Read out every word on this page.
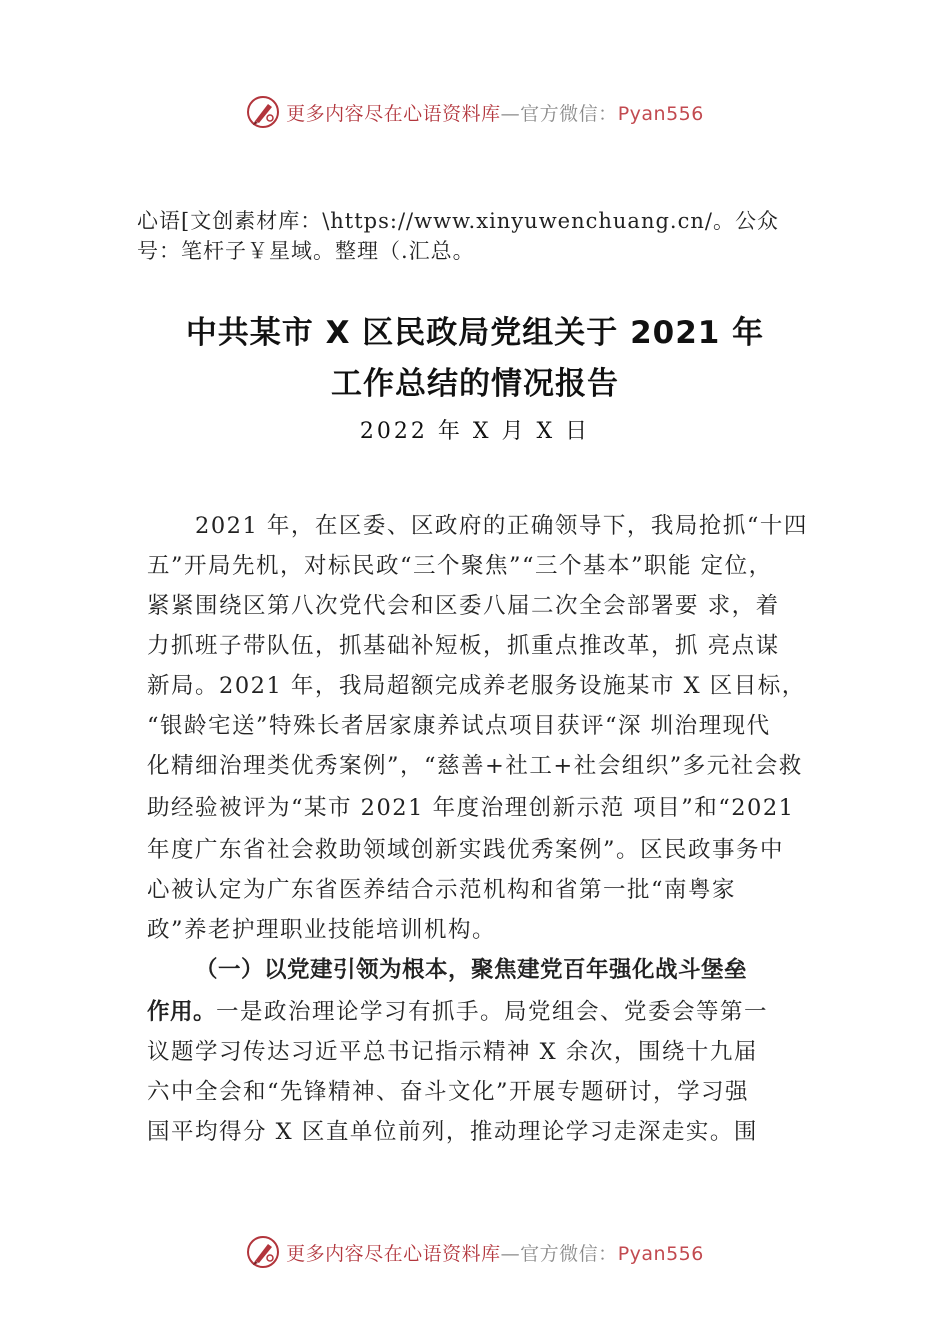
更多内容尽在心语资料库—官方微信：Pyan556
心语[文创素材库：\https://www.xinyuwenchuang.cn/。公众
号：笔杆子￥星域。整理（.汇总。
中共某市 X 区民政局党组关于 2021 年
工作总结的情况报告
2022 年 X 月 X 日
2021 年，在区委、区政府的正确领导下，我局抢抓“十四
五”开局先机，对标民政“三个聚焦”“三个基本”职能 定位，
紧紧围绕区第八次党代会和区委八届二次全会部署要 求，着
力抓班子带队伍，抓基础补短板，抓重点推改革，抓 亮点谋
新局。2021 年，我局超额完成养老服务设施某市 X 区目标，
“银龄宅送”特殊长者居家康养试点项目获评“深 圳治理现代
化精细治理类优秀案例”，“慈善+社工+社会组织”多元社会救
助经验被评为“某市 2021 年度治理创新示范 项目”和“2021
年度广东省社会救助领域创新实践优秀案例”。区民政事务中
心被认定为广东省医养结合示范机构和省第一批“南粤家
政”养老护理职业技能培训机构。
（一）以党建引领为根本，聚焦建党百年强化战斗堡垒
作用。一是政治理论学习有抓手。局党组会、党委会等第一
议题学习传达习近平总书记指示精神 X 余次，围绕十九届
六中全会和“先锋精神、奋斗文化”开展专题研讨，学习强
国平均得分 X 区直单位前列，推动理论学习走深走实。围
更多内容尽在心语资料库—官方微信：Pyan556
